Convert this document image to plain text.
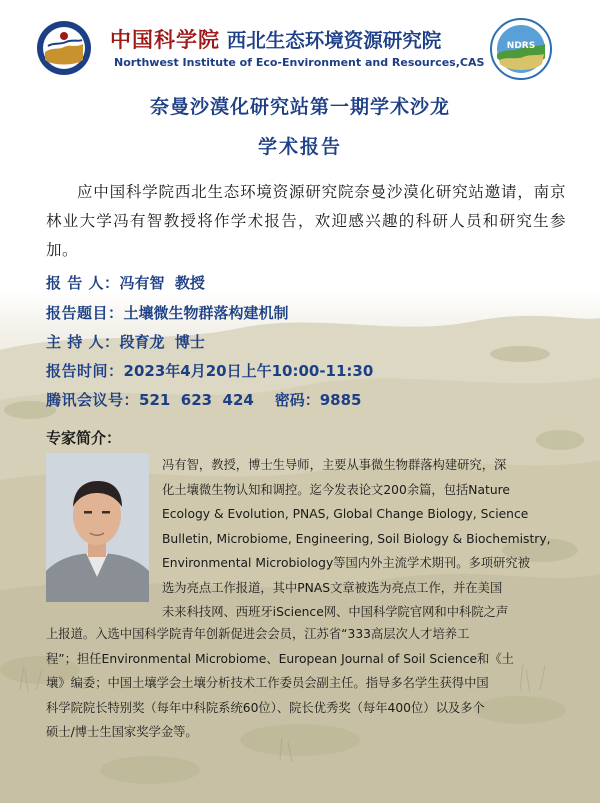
中国科学院 西北生态环境资源研究院
Northwest Institute of Eco-Environment and Resources,CAS
NDRS
奈曼沙漠化研究站第一期学术沙龙
学术报告
应中国科学院西北生态环境资源研究院奈曼沙漠化研究站邀请，南京林业大学冯有智教授将作学术报告，欢迎感兴趣的科研人员和研究生参加。
报 告 人：冯有智  教授
报告题目：土壤微生物群落构建机制
主 持 人：段育龙  博士
报告时间：2023年4月20日上午10:00-11:30
腾讯会议号：521  623  424    密码：9885
专家简介：
冯有智，教授，博士生导师，主要从事微生物群落构建研究，深
化土壤微生物认知和调控。迄今发表论文200余篇，包括Nature
Ecology & Evolution, PNAS, Global Change Biology, Science
Bulletin, Microbiome, Engineering, Soil Biology & Biochemistry,
Environmental Microbiology等国内外主流学术期刊。多项研究被
选为亮点工作报道，其中PNAS文章被选为亮点工作，并在美国
未来科技网、西班牙iScience网、中国科学院官网和中科院之声
上报道。入选中国科学院青年创新促进会会员，江苏省“333高层次人才培养工
程”；担任Environmental Microbiome、European Journal of Soil Science和《土
壤》编委；中国土壤学会土壤分析技术工作委员会副主任。指导多名学生获得中国
科学院院长特别奖（每年中科院系统60位）、院长优秀奖（每年400位）以及多个
硕士/博士生国家奖学金等。
